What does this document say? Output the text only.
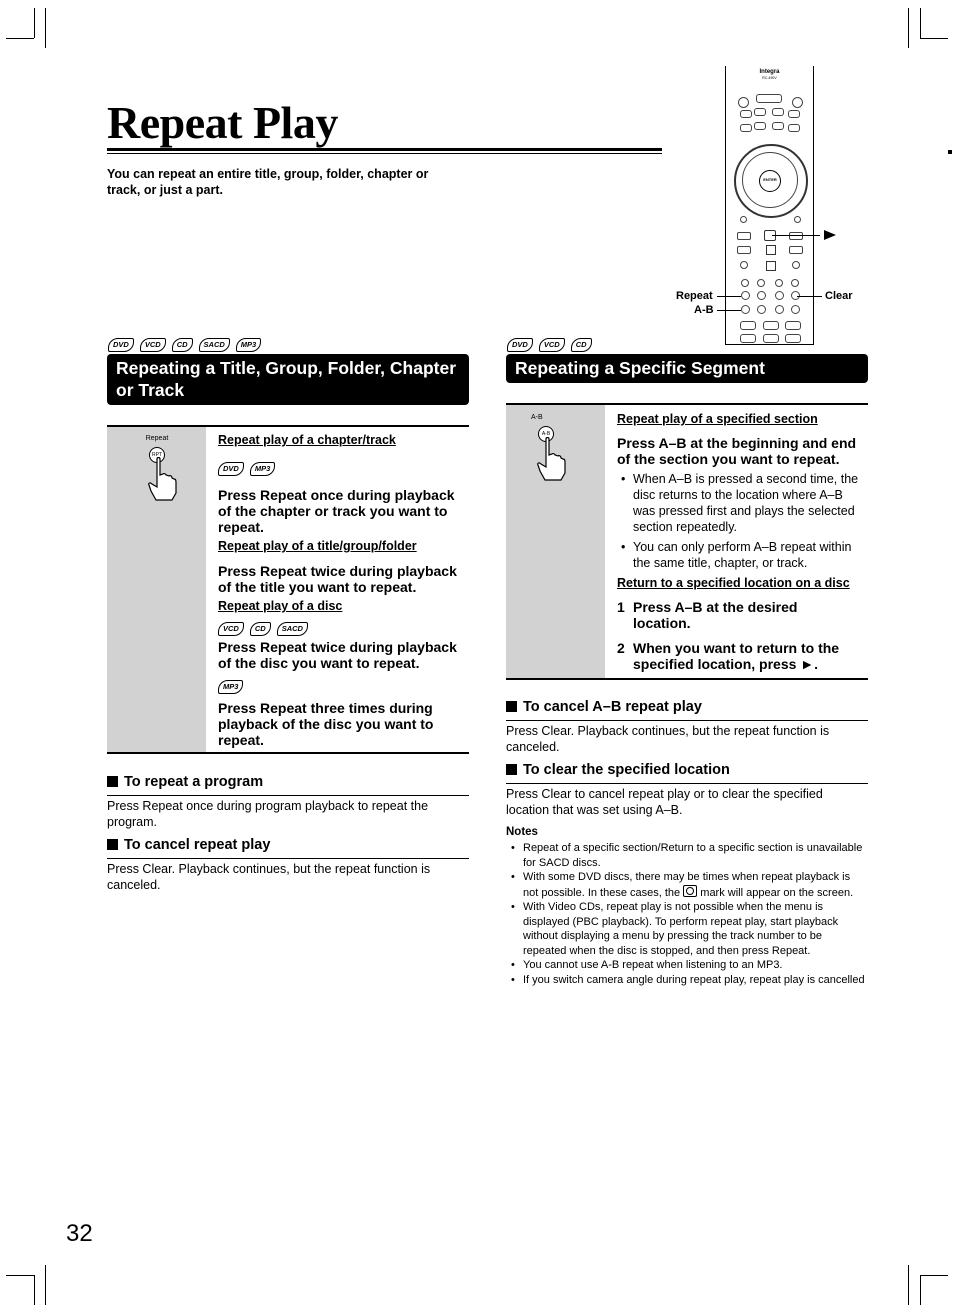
Repeat Play
You can repeat an entire title, group, folder, chapter or track, or just a part.
Integra
RC-490V
ENTER
Repeat
A-B
Clear
DVD	VCD	CD	SACD	MP3
Repeating a Title, Group, Folder, Chapter or Track
Repeat
RPT
Repeat play of a chapter/track
DVD	MP3
Press Repeat once during playback of the chapter or track you want to repeat.
Repeat play of a title/group/folder
Press Repeat twice during playback of the title you want to repeat.
Repeat play of a disc
VCD	CD	SACD
Press Repeat twice during playback of the disc you want to repeat.
MP3
Press Repeat three times during playback of the disc you want to repeat.
To repeat a program
Press Repeat once during program playback to repeat the program.
To cancel repeat play
Press Clear. Playback continues, but the repeat function is canceled.
DVD	VCD	CD
Repeating a Specific Segment
A-B
A-B
Repeat play of a specified section
Press A–B at the beginning and end of the section you want to repeat.
• When A–B is pressed a second time, the disc returns to the location where A–B was pressed first and plays the selected section repeatedly.
• You can only perform A–B repeat within the same title, chapter, or track.
Return to a specified location on a disc
1 Press A–B at the desired location.
2 When you want to return to the specified location, press ►.
To cancel A–B repeat play
Press Clear. Playback continues, but the repeat function is canceled.
To clear the specified location
Press Clear to cancel repeat play or to clear the specified location that was set using A–B.
Notes
• Repeat of a specific section/Return to a specific section is unavailable for SACD discs.
• With some DVD discs, there may be times when repeat playback is not possible. In these cases, the mark will appear on the screen.
• With Video CDs, repeat play is not possible when the menu is displayed (PBC playback). To perform repeat play, start playback without displaying a menu by pressing the track number to be repeated when the disc is stopped, and then press Repeat.
• You cannot use A-B repeat when listening to an MP3.
• If you switch camera angle during repeat play, repeat play is cancelled
32
